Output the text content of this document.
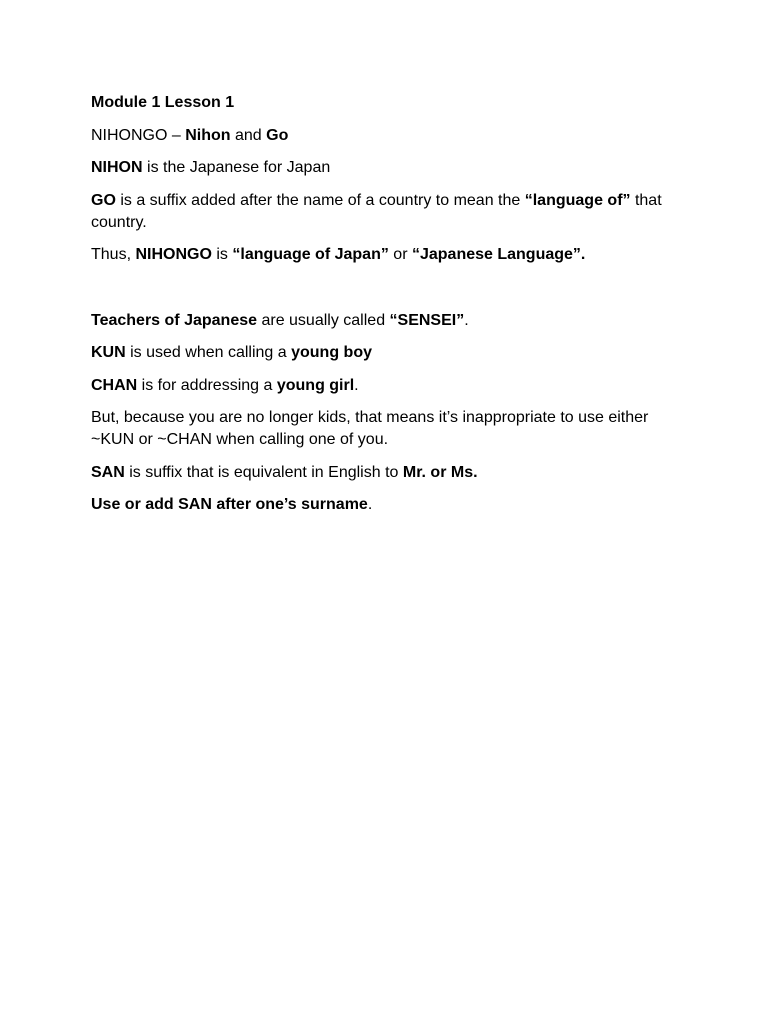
Module 1 Lesson 1

NIHONGO – Nihon and Go

NIHON is the Japanese for Japan

GO is a suffix added after the name of a country to mean the “language of” that country.

Thus, NIHONGO is “language of Japan” or “Japanese Language”.

Teachers of Japanese are usually called “SENSEI”.

KUN is used when calling a young boy

CHAN is for addressing a young girl.

But, because you are no longer kids, that means it’s inappropriate to use either ~KUN or ~CHAN when calling one of you.

SAN is suffix that is equivalent in English to Mr. or Ms.

Use or add SAN after one’s surname.
